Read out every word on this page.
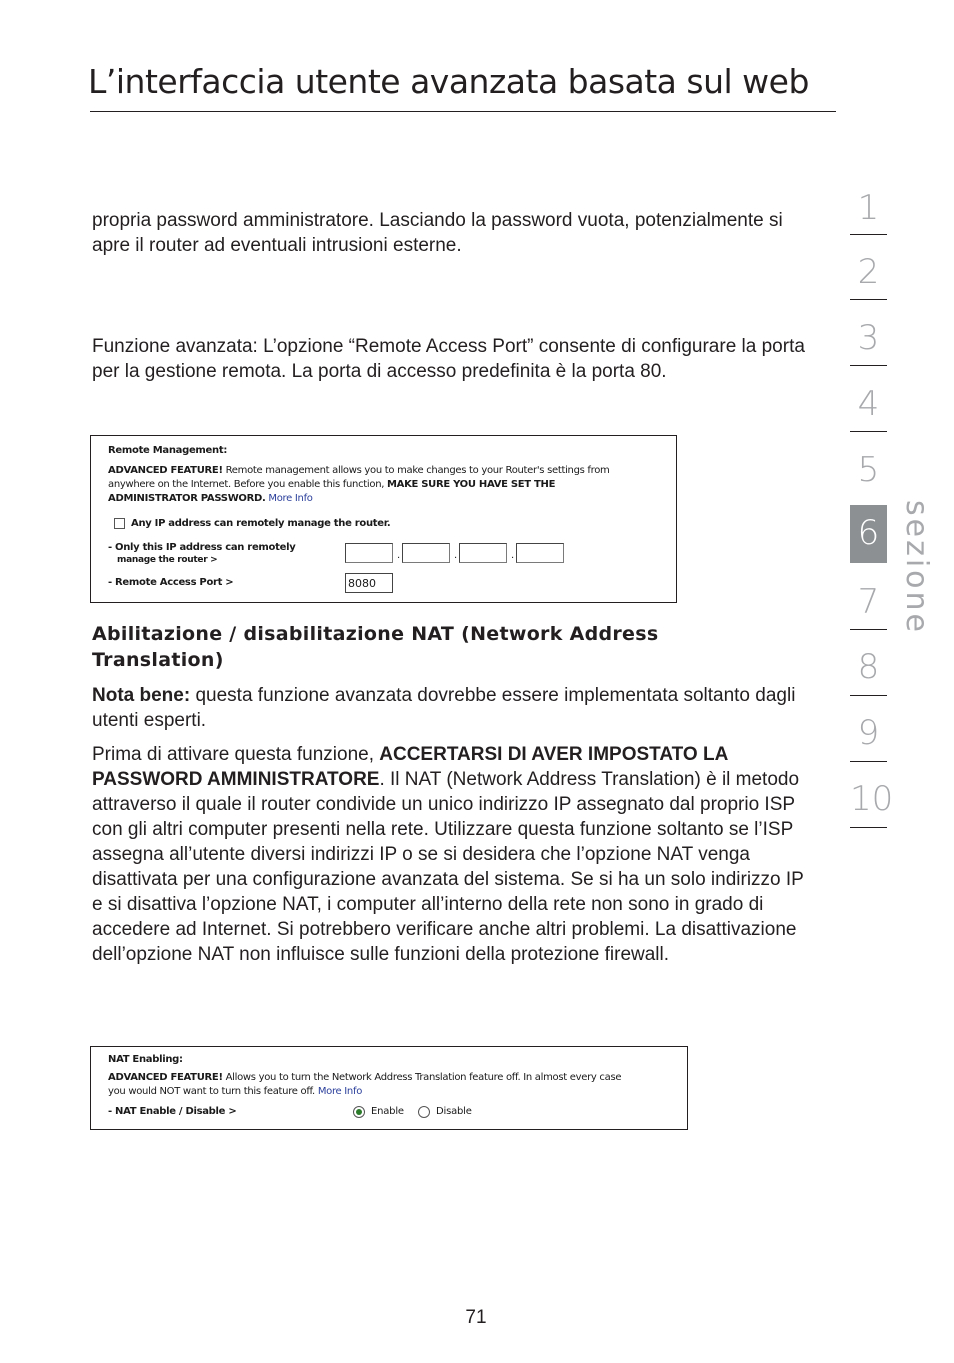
L’interfaccia utente avanzata basata sul web

propria password amministratore. Lasciando la password vuota, potenzialmente si apre il router ad eventuali intrusioni esterne.

Funzione avanzata: L’opzione “Remote Access Port” consente di configurare la porta per la gestione remota. La porta di accesso predefinita è la porta 80.

Remote Management:
ADVANCED FEATURE! Remote management allows you to make changes to your Router's settings from
anywhere on the Internet. Before you enable this function, MAKE SURE YOU HAVE SET THE
ADMINISTRATOR PASSWORD. More Info
Any IP address can remotely manage the router.
- Only this IP address can remotely
manage the router >	.	.	.
- Remote Access Port >	8080
Abilitazione / disabilitazione NAT (Network Address Translation)

Nota bene: questa funzione avanzata dovrebbe essere implementata soltanto dagli utenti esperti.

Prima di attivare questa funzione, ACCERTARSI DI AVER IMPOSTATO LA PASSWORD AMMINISTRATORE. Il NAT (Network Address Translation) è il metodo attraverso il quale il router condivide un unico indirizzo IP assegnato dal proprio ISP con gli altri computer presenti nella rete. Utilizzare questa funzione soltanto se l’ISP assegna all’utente diversi indirizzi IP o se si desidera che l’opzione NAT venga disattivata per una configurazione avanzata del sistema. Se si ha un solo indirizzo IP e si disattiva l’opzione NAT, i computer all’interno della rete non sono in grado di accedere ad Internet. Si potrebbero verificare anche altri problemi. La disattivazione dell’opzione NAT non influisce sulle funzioni della protezione firewall.

NAT Enabling:
ADVANCED FEATURE! Allows you to turn the Network Address Translation feature off. In almost every case
you would NOT want to turn this feature off. More Info
- NAT Enable / Disable >	Enable	Disable
1
2
3
4
5
6
7
8
9
10
sezione
71
